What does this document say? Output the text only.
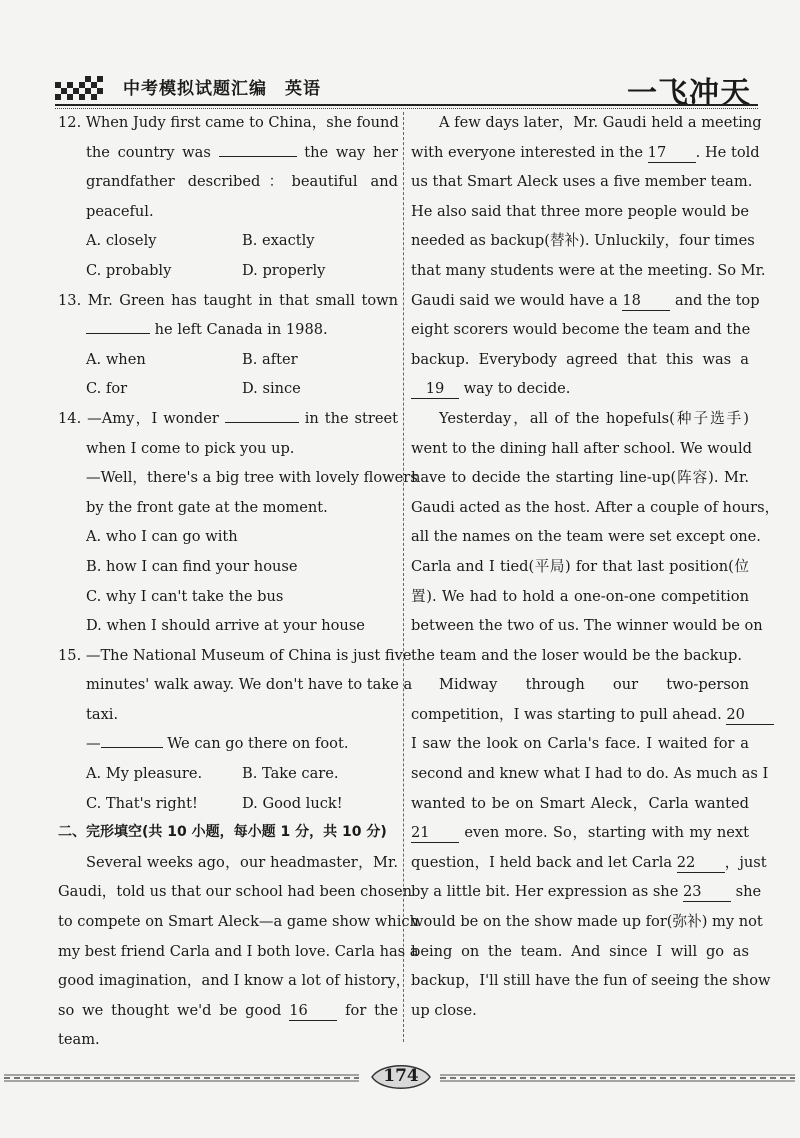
中考模拟试题汇编 英语	一飞冲天
12. When Judy first came to China，she found
the country was	the way her
grandfather described：beautiful and
peaceful.
A. closely	B. exactly
C. probably	D. properly
13. Mr. Green has taught in that small town
he left Canada in 1988.
A. when	B. after
C. for	D. since
14. —Amy，I wonder	in the street
when I come to pick you up.
—Well，there's a big tree with lovely flowers
by the front gate at the moment.
A. who I can go with
B. how I can find your house
C. why I can't take the bus
D. when I should arrive at your house
15. —The National Museum of China is just five
minutes' walk away. We don't have to take a
taxi.
—	We can go there on foot.
A. My pleasure.	B. Take care.
C. That's right!	D. Good luck!
二、完形填空(共 10 小题，每小题 1 分，共 10 分)
Several weeks ago，our headmaster，Mr.
Gaudi，told us that our school had been chosen
to compete on Smart Aleck—a game show which
my best friend Carla and I both love. Carla has a
good imagination，and I know a lot of history，
so we thought we'd be good 16	for the
team.
A few days later，Mr. Gaudi held a meeting
with everyone interested in the 17 . He told
us that Smart Aleck uses a five member team.
He also said that three more people would be
needed as backup(替补). Unluckily，four times
that many students were at the meeting. So Mr.
Gaudi said we would have a 18 and the top
eight scorers would become the team and the
backup. Everybody agreed that this was a
19 way to decide.
Yesterday，all of the hopefuls(种子选手)
went to the dining hall after school. We would
have to decide the starting line-up(阵容). Mr.
Gaudi acted as the host. After a couple of hours，
all the names on the team were set except one.
Carla and I tied(平局) for that last position(位
置). We had to hold a one-on-one competition
between the two of us. The winner would be on
the team and the loser would be the backup.
Midway through our two-person
competition，I was starting to pull ahead. 20
I saw the look on Carla's face. I waited for a
second and knew what I had to do. As much as I
wanted to be on Smart Aleck，Carla wanted
21 even more. So，starting with my next
question，I held back and let Carla 22 ，just
by a little bit. Her expression as she 23 she
would be on the show made up for(弥补) my not
being on the team. And since I will go as
backup，I'll still have the fun of seeing the show
up close.
174
